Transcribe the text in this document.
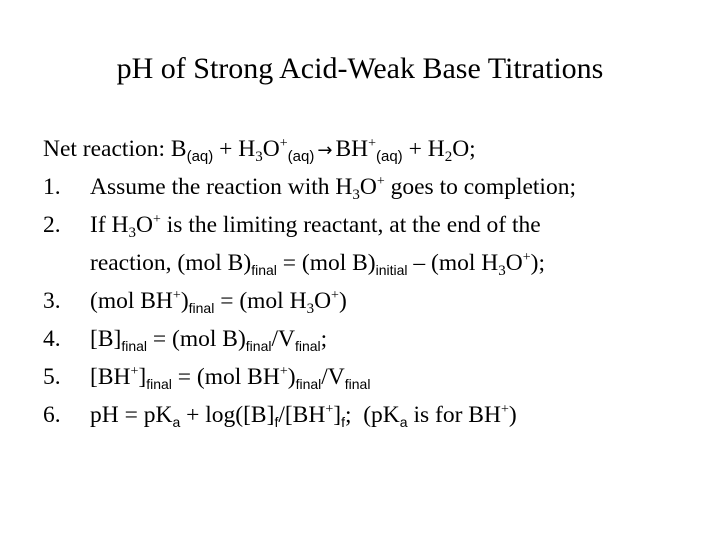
pH of Strong Acid-Weak Base Titrations
Net reaction: $B_{(aq)} + H_3O^+_{(aq)} \to BH^+_{(aq)} + H_2O$;
1. Assume the reaction with $H_3O^+$ goes to completion;
2. If $H_3O^+$ is the limiting reactant, at the end of the
reaction, (mol $B)_{final} = (mol$ $B)_{initial} - (mol$ $H_3O^+$);
3. (mol $BH^+)_{final} = (mol$ $H_3O^+$)
4. $[B]_{final} = (mol$ $B)_{final}/V_{final}$;
5. $[BH^+]_{final} = (mol$ $BH^+)_{final}/V_{final}$
6. pH = $pK_a + \log([B]_f/[BH^+]_f$;  ($pK_a$ is for BH+)
